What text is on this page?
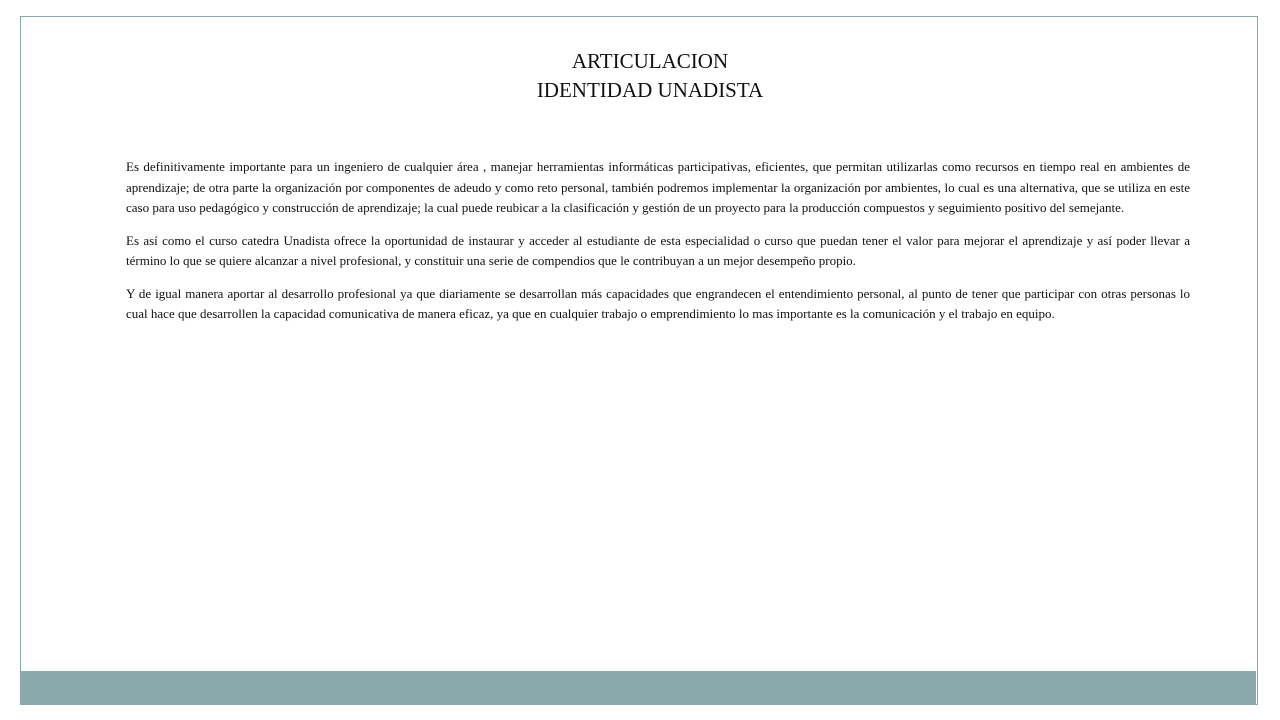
ARTICULACION
IDENTIDAD UNADISTA

Es definitivamente importante para un ingeniero de cualquier área , manejar herramientas informáticas participativas, eficientes, que permitan utilizarlas como recursos en tiempo real en ambientes de aprendizaje; de otra parte la organización por componentes de adeudo y como reto personal, también podremos implementar la organización por ambientes, lo cual es una alternativa, que se utiliza en este caso para uso pedagógico y construcción de aprendizaje; la cual puede reubicar a la clasificación y gestión de un proyecto para la producción compuestos y seguimiento positivo del semejante.

Es así como el curso catedra Unadista ofrece la oportunidad de instaurar y acceder al estudiante de esta especialidad o curso que puedan tener el valor para mejorar el aprendizaje y así poder llevar a término lo que se quiere alcanzar a nivel profesional, y constituir una serie de compendios que le contribuyan a un mejor desempeño propio.

Y de igual manera aportar al desarrollo profesional ya que diariamente se desarrollan más capacidades que engrandecen el entendimiento personal, al punto de tener que participar con otras personas lo cual hace que desarrollen la capacidad comunicativa de manera eficaz, ya que en cualquier trabajo o emprendimiento lo mas importante es la comunicación y el trabajo en equipo.
